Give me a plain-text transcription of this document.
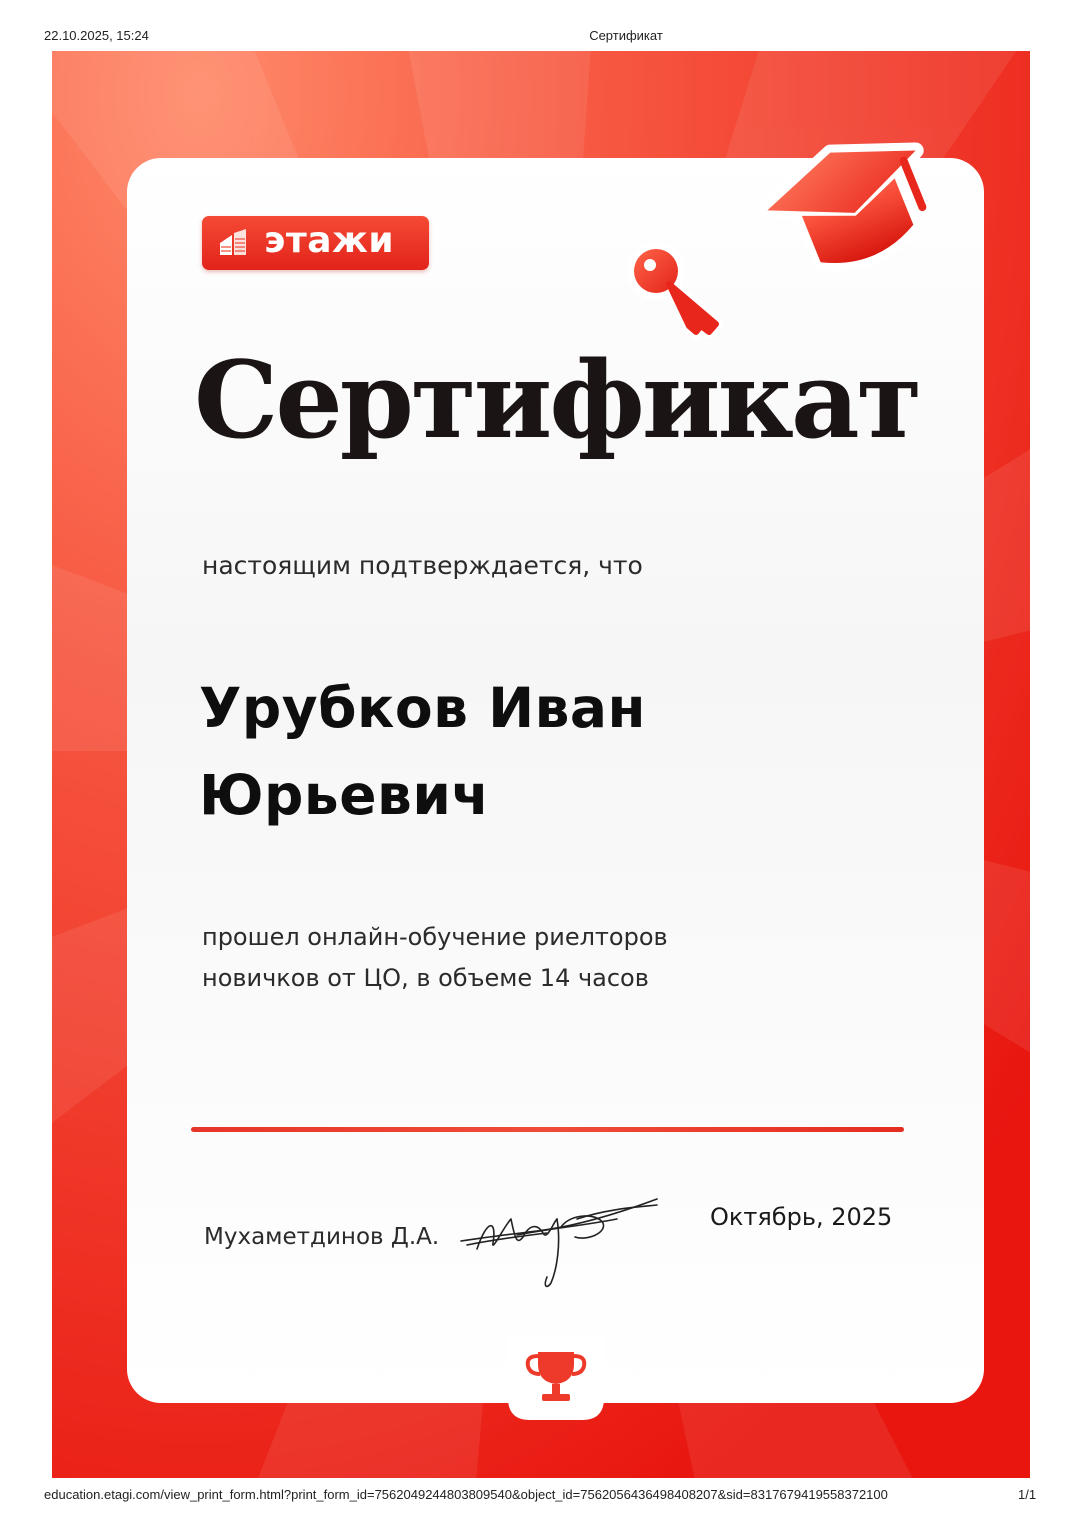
22.10.2025, 15:24	Сертификат
этажи
Сертификат
настоящим подтверждается, что
Урубков Иван
Юрьевич
прошел онлайн-обучение риелторов
новичков от ЦО, в объеме 14 часов
Мухаметдинов Д.А.
Октябрь, 2025
education.etagi.com/view_print_form.html?print_form_id=7562049244803809540&object_id=7562056436498408207&sid=8317679419558372100	1/1
